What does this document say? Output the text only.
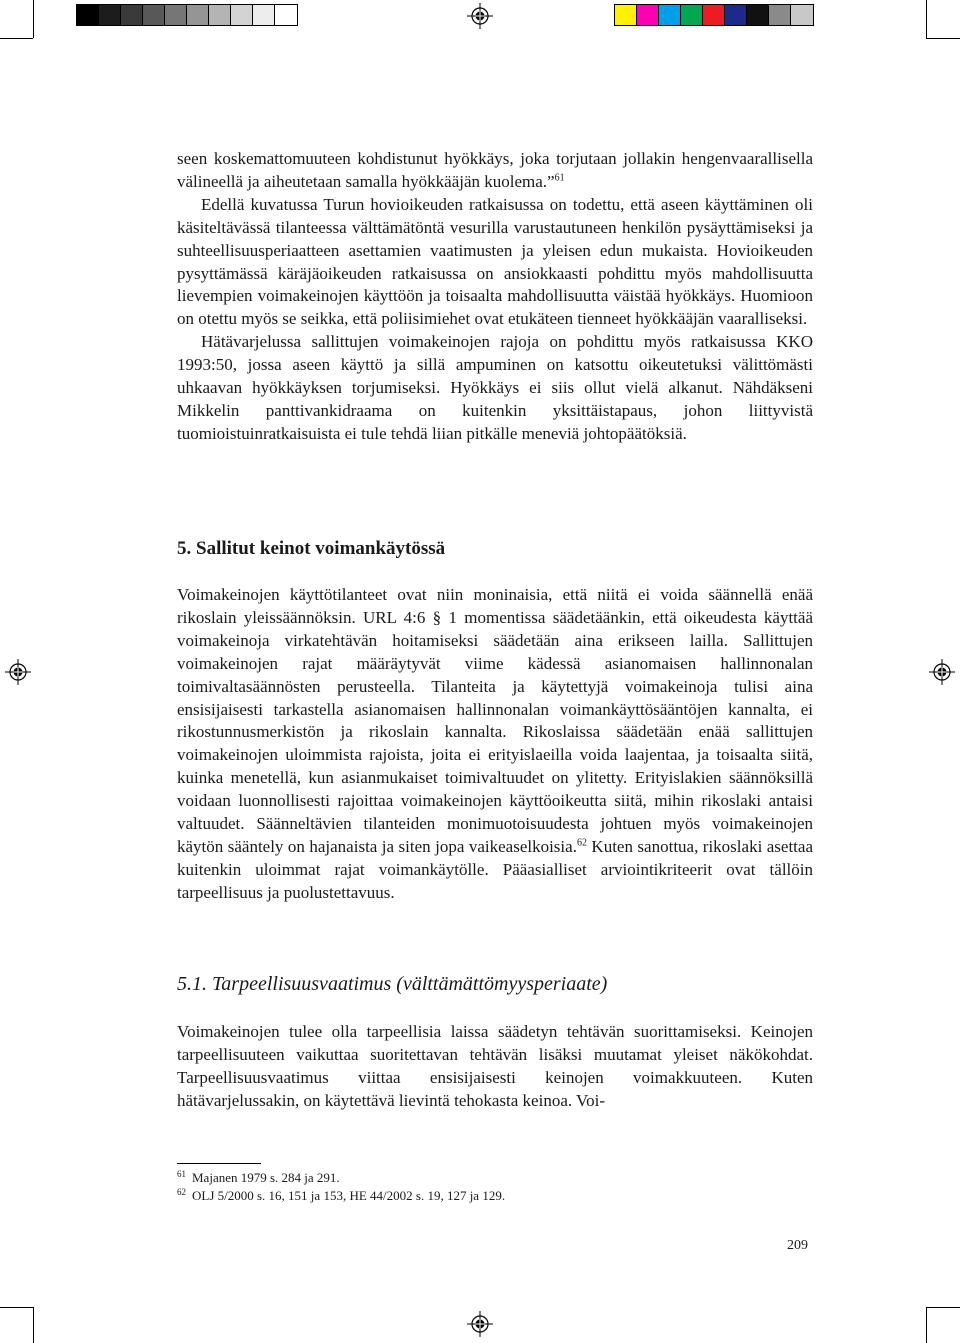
seen koskemattomuuteen kohdistunut hyökkäys, joka torjutaan jollakin hengenvaarallisella välineellä ja aiheutetaan samalla hyökkääjän kuolema.”$^{61}$

Edellä kuvatussa Turun hovioikeuden ratkaisussa on todettu, että aseen käyttäminen oli käsiteltävässä tilanteessa välttämätöntä vesurilla varustautuneen henkilön pysäyttämiseksi ja suhteellisuusperiaatteen asettamien vaatimusten ja yleisen edun mukaista. Hovioikeuden pysyttämässä käräjäoikeuden ratkaisussa on ansiokkaasti pohdittu myös mahdollisuutta lievempien voimakeinojen käyttöön ja toisaalta mahdollisuutta väistää hyökkäys. Huomioon on otettu myös se seikka, että poliisimiehet ovat etukäteen tienneet hyökkääjän vaaralliseksi.

Hätävarjelussa sallittujen voimakeinojen rajoja on pohdittu myös ratkaisussa KKO 1993:50, jossa aseen käyttö ja sillä ampuminen on katsottu oikeutetuksi välittömästi uhkaavan hyökkäyksen torjumiseksi. Hyökkäys ei siis ollut vielä alkanut. Nähdäkseni Mikkelin panttivankidraama on kuitenkin yksittäistapaus, johon liittyvistä tuomioistuinratkaisuista ei tule tehdä liian pitkälle meneviä johtopäätöksiä.

5. Sallitut keinot voimankäytössä

Voimakeinojen käyttötilanteet ovat niin moninaisia, että niitä ei voida säännellä enää rikoslain yleissäännöksin. URL 4:6 § 1 momentissa säädetäänkin, että oikeudesta käyttää voimakeinoja virkatehtävän hoitamiseksi säädetään aina erikseen lailla. Sallittujen voimakeinojen rajat määräytyvät viime kädessä asianomaisen hallinnonalan toimivaltasäännösten perusteella. Tilanteita ja käytettyjä voimakeinoja tulisi aina ensisijaisesti tarkastella asianomaisen hallinnonalan voimankäyttösääntöjen kannalta, ei rikostunnusmerkistön ja rikoslain kannalta. Rikoslaissa säädetään enää sallittujen voimakeinojen uloimmista rajoista, joita ei erityislaeilla voida laajentaa, ja toisaalta siitä, kuinka menetellä, kun asianmukaiset toimivaltuudet on ylitetty. Erityislakien säännöksillä voidaan luonnollisesti rajoittaa voimakeinojen käyttöoikeutta siitä, mihin rikoslaki antaisi valtuudet. Säänneltävien tilanteiden monimuotoisuudesta johtuen myös voimakeinojen käytön sääntely on hajanaista ja siten jopa vaikeaselkoisia.$^{62}$ Kuten sanottua, rikoslaki asettaa kuitenkin uloimmat rajat voimankäytölle. Pääasialliset arviointikriteerit ovat tällöin tarpeellisuus ja puolustettavuus.

5.1. Tarpeellisuusvaatimus (välttämättömyysperiaate)

Voimakeinojen tulee olla tarpeellisia laissa säädetyn tehtävän suorittamiseksi. Keinojen tarpeellisuuteen vaikuttaa suoritettavan tehtävän lisäksi muutamat yleiset näkökohdat. Tarpeellisuusvaatimus viittaa ensisijaisesti keinojen voimakkuuteen. Kuten hätävarjelussakin, on käytettävä lievintä tehokasta keinoa. Voi-

$^{61}$ Majanen 1979 s. 284 ja 291.
$^{62}$ OLJ 5/2000 s. 16, 151 ja 153, HE 44/2002 s. 19, 127 ja 129.
209
